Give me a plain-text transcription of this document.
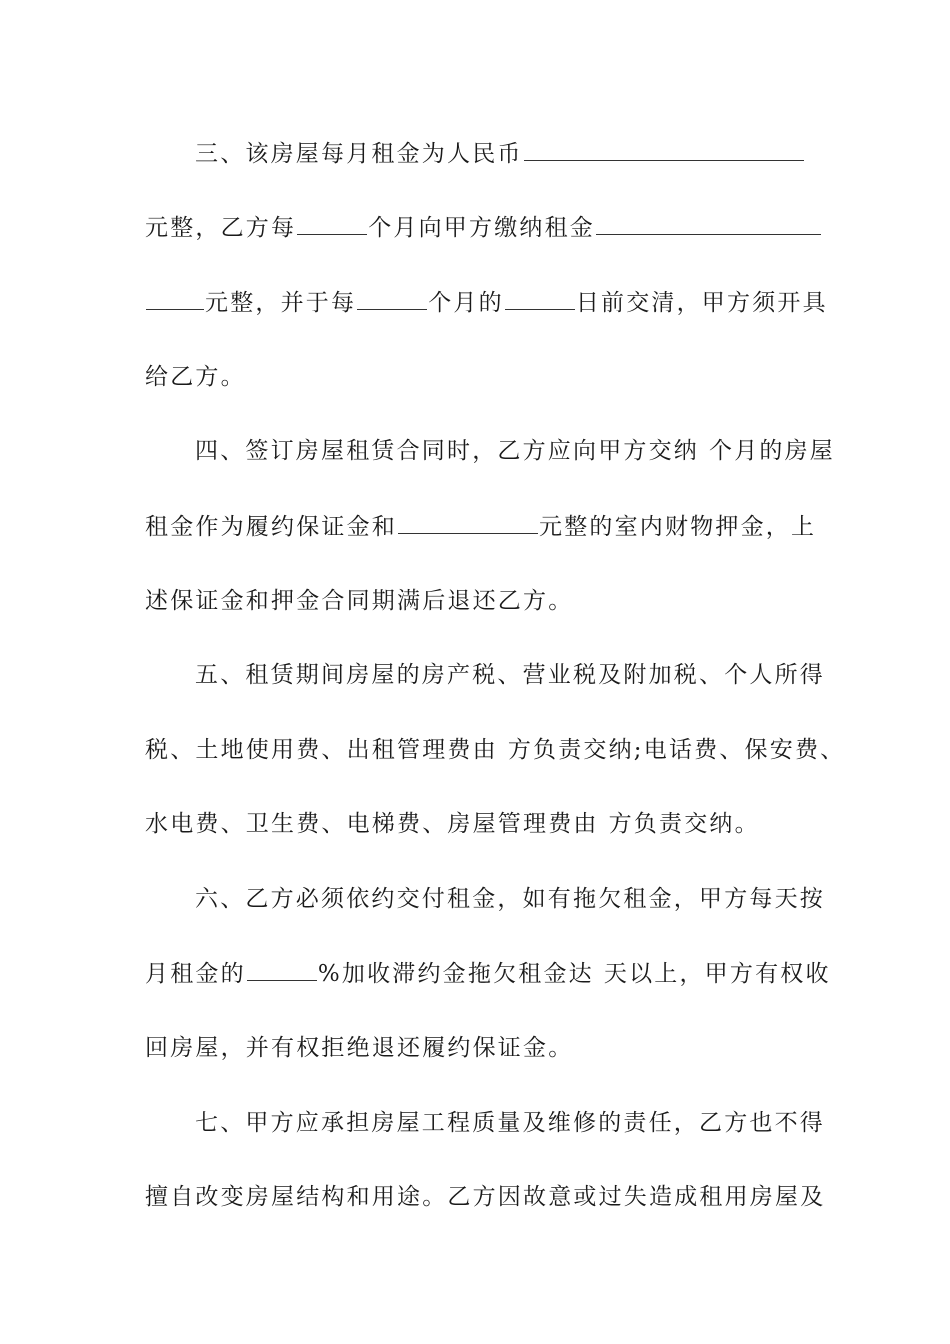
三、该房屋每月租金为人民币
元整，乙方每	个月向甲方缴纳租金
元整，并于每	个月的	日前交清，甲方须开具
给乙方。
四、签订房屋租赁合同时，乙方应向甲方交纳 个月的房屋
租金作为履约保证金和	元整的室内财物押金，上
述保证金和押金合同期满后退还乙方。
五、租赁期间房屋的房产税、营业税及附加税、个人所得
税、土地使用费、出租管理费由 方负责交纳;电话费、保安费、
水电费、卫生费、电梯费、房屋管理费由 方负责交纳。
六、乙方必须依约交付租金，如有拖欠租金，甲方每天按
月租金的	%加收滞约金拖欠租金达 天以上，甲方有权收
回房屋，并有权拒绝退还履约保证金。
七、甲方应承担房屋工程质量及维修的责任，乙方也不得
擅自改变房屋结构和用途。乙方因故意或过失造成租用房屋及
